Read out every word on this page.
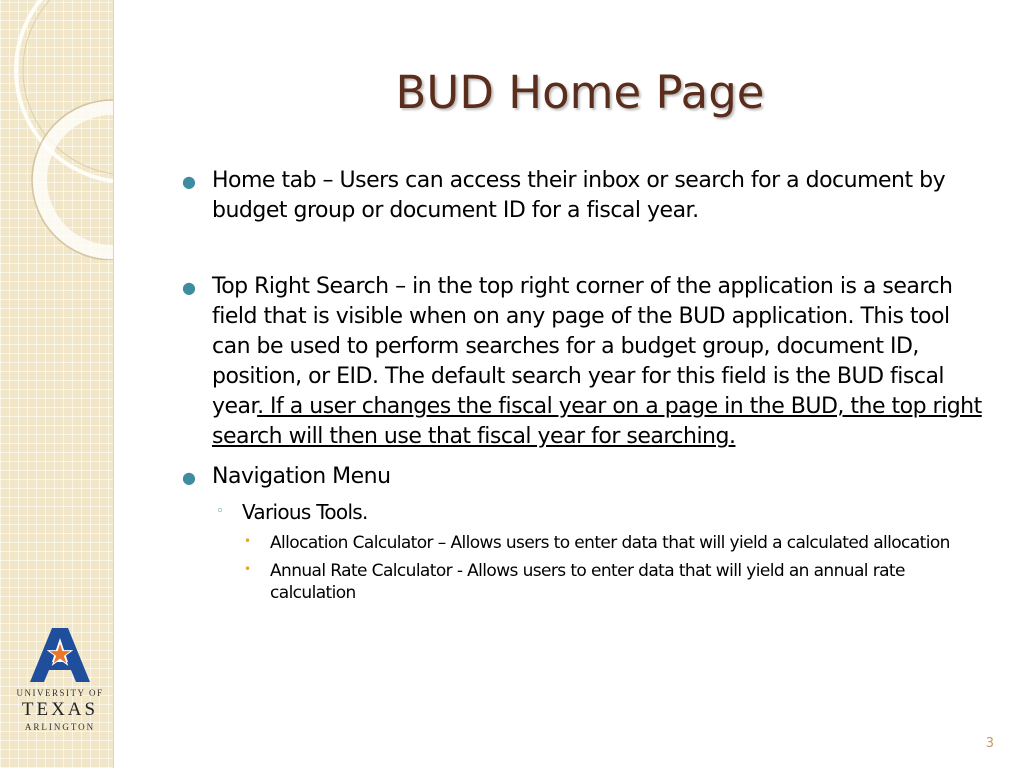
UNIVERSITY OF
TEXAS
ARLINGTON
BUD Home Page
● Home tab – Users can access their inbox or search for a document by budget group or document ID for a fiscal year.
● Top Right Search – in the top right corner of the application is a search field that is visible when on any page of the BUD application. This tool can be used to perform searches for a budget group, document ID, position, or EID. The default search year for this field is the BUD fiscal year. If a user changes the fiscal year on a page in the BUD, the top right search will then use that fiscal year for searching.
● Navigation Menu
◦ Various Tools.
• Allocation Calculator – Allows users to enter data that will yield a calculated allocation
• Annual Rate Calculator - Allows users to enter data that will yield an annual rate calculation
3
